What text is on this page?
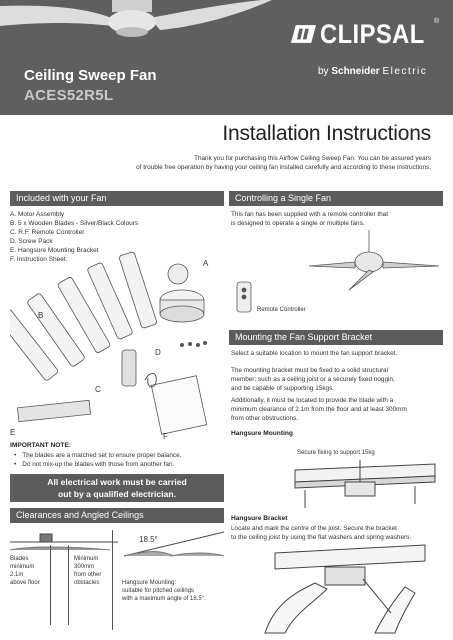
CLIPSAL ®
by Schneider Electric
Ceiling Sweep Fan
ACES52R5L
Installation Instructions
Thank you for purchasing this Airflow Ceiling Sweep Fan. You can be assured years
of trouble free operation by having your ceiling fan installed carefully and according to these instructions.
Included with your Fan
A. Motor Assembly
B. 5 x Wooden Blades - Silver/Black Colours
C. R.F. Remote Controller
D. Screw Pack
E. Hangsure Mounting Bracket
F. Instruction Sheet.	A
B
C
D
E	F
IMPORTANT NOTE:
• The blades are a matched set to ensure proper balance.
• Do not mix-up the blades with those from another fan.
All electrical work must be carried
out by a qualified electrician.
Clearances and Angled Ceilings
Blades
minimum
2.1m
above floor
Minimum
300mm
from other
obstacles
18.5°
Hangsure Mounting:
suitable for pitched ceilings
with a maximum angle of 18.5°.
Controlling a Single Fan
This fan has been supplied with a remote controller that
is designed to operate a single or multiple fans.
Remote Controller
Mounting the Fan Support Bracket
Select a suitable location to mount the fan support bracket.
The mounting bracket must be fixed to a solid structural
member; such as a ceiling joist or a securely fixed noggin,
and be capable of supporting 15kgs.
Additionally, it must be located to provide the blade with a
minimum clearance of 2.1m from the floor and at least 300mm
from other obstructions.
Hangsure Mounting
Secure fixing to support 15kg
Hangsure Bracket
Locate and mark the centre of the joist. Secure the bracket
to the ceiling joist by using the flat washers and spring washers.
